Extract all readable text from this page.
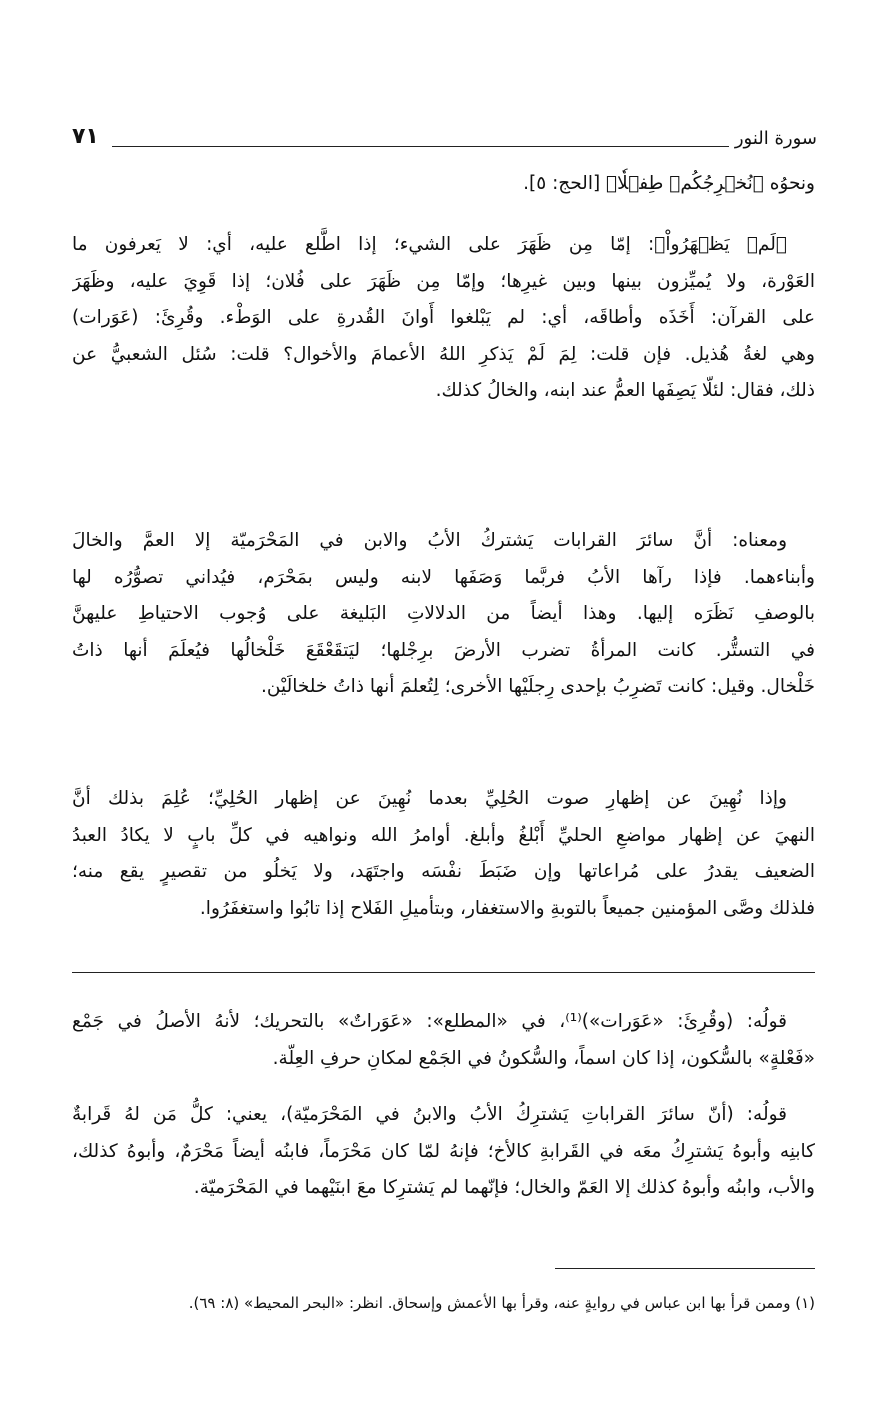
سورة النور
٧١
ونحوُه ﴿نُخۡرِجُكُمۡ طِفۡلٗا﴾ [الحج: ٥].
﴿لَمۡ يَظۡهَرُواْ﴾: إمّا مِن ظَهَرَ على الشيء؛ إذا اطَّلع عليه، أي: لا يَعرفون ما
العَوْرة، ولا يُميِّزون بينها وبين غيرِها؛ وإمّا مِن ظَهَرَ على فُلان؛ إذا قَوِيَ عليه، وظَهَرَ
على القرآن: أَخَذَه وأطاقَه، أي: لم يَبْلغوا أَوانَ القُدرةِ على الوَطْء. وقُرِئَ: (عَوَرات)
وهي لغةُ هُذيل. فإن قلت: لِمَ لَمْ يَذكرِ اللهُ الأعمامَ والأخوال؟ قلت: سُئل الشعبيُّ عن
ذلك، فقال: لئلّا يَصِفَها العمُّ عند ابنه، والخالُ كذلك.
ومعناه: أنَّ سائرَ القرابات يَشتركُ الأبُ والابن في المَحْرَميّة إلا العمَّ والخالَ
وأبناءهما. فإذا رآها الأبُ فربَّما وَصَفَها لابنه وليس بمَحْرَم، فيُداني تصوُّرُه لها
بالوصفِ نَظَرَه إليها. وهذا أيضاً من الدلالاتِ البَليغة على وُجوب الاحتياطِ عليهنَّ
في التستُّر. كانت المرأةُ تضرب الأرضَ برِجْلها؛ ليَتقَعْقَعَ خَلْخالُها فيُعلَمَ أنها ذاتُ
خَلْخال. وقيل: كانت تَضرِبُ بإحدى رِجلَيْها الأخرى؛ لِتُعلمَ أنها ذاتُ خلخالَيْن.
وإذا نُهِينَ عن إظهارِ صوت الحُلِيِّ بعدما نُهِينَ عن إظهار الحُلِيِّ؛ عُلِمَ بذلك أنَّ
النهيَ عن إظهار مواضعِ الحليِّ أَبْلغُ وأبلغ. أوامرُ الله ونواهيه في كلِّ بابٍ لا يكادُ العبدُ
الضعيف يقدرُ على مُراعاتها وإن ضَبَطَ نفْسَه واجتَهَد، ولا يَخلُو من تقصيرٍ يقع منه؛
فلذلك وصَّى المؤمنين جميعاً بالتوبةِ والاستغفار، وبتأميلِ الفَلاح إذا تابُوا واستغفَرُوا.
قولُه: (وقُرِئَ: «عَوَرات»)⁽¹⁾، في «المطلع»: «عَوَراتٌ» بالتحريك؛ لأنهُ الأصلُ في جَمْع
«فَعْلةٍ» بالسُّكون، إذا كان اسماً، والسُّكونُ في الجَمْع لمكانِ حرفِ العِلّة.
قولُه: (أنّ سائرَ القراباتِ يَشترِكُ الأبُ والابنُ في المَحْرَميّة)، يعني: كلُّ مَن لهُ قَرابةٌ
كابنِه وأبوهُ يَشترِكُ معَه في القَرابةِ كالأخ؛ فإنهُ لمّا كان مَحْرَماً، فابنُه أيضاً مَحْرَمٌ، وأبوهُ كذلك،
والأب، وابنُه وأبوهُ كذلك إلا العَمّ والخال؛ فإنّهما لم يَشترِكا معَ ابنَيْهما في المَحْرَميّة.
(١) وممن قرأ بها ابن عباس في روايةٍ عنه، وقرأ بها الأعمش وإسحاق. انظر: «البحر المحيط» (٨: ٦٩).
